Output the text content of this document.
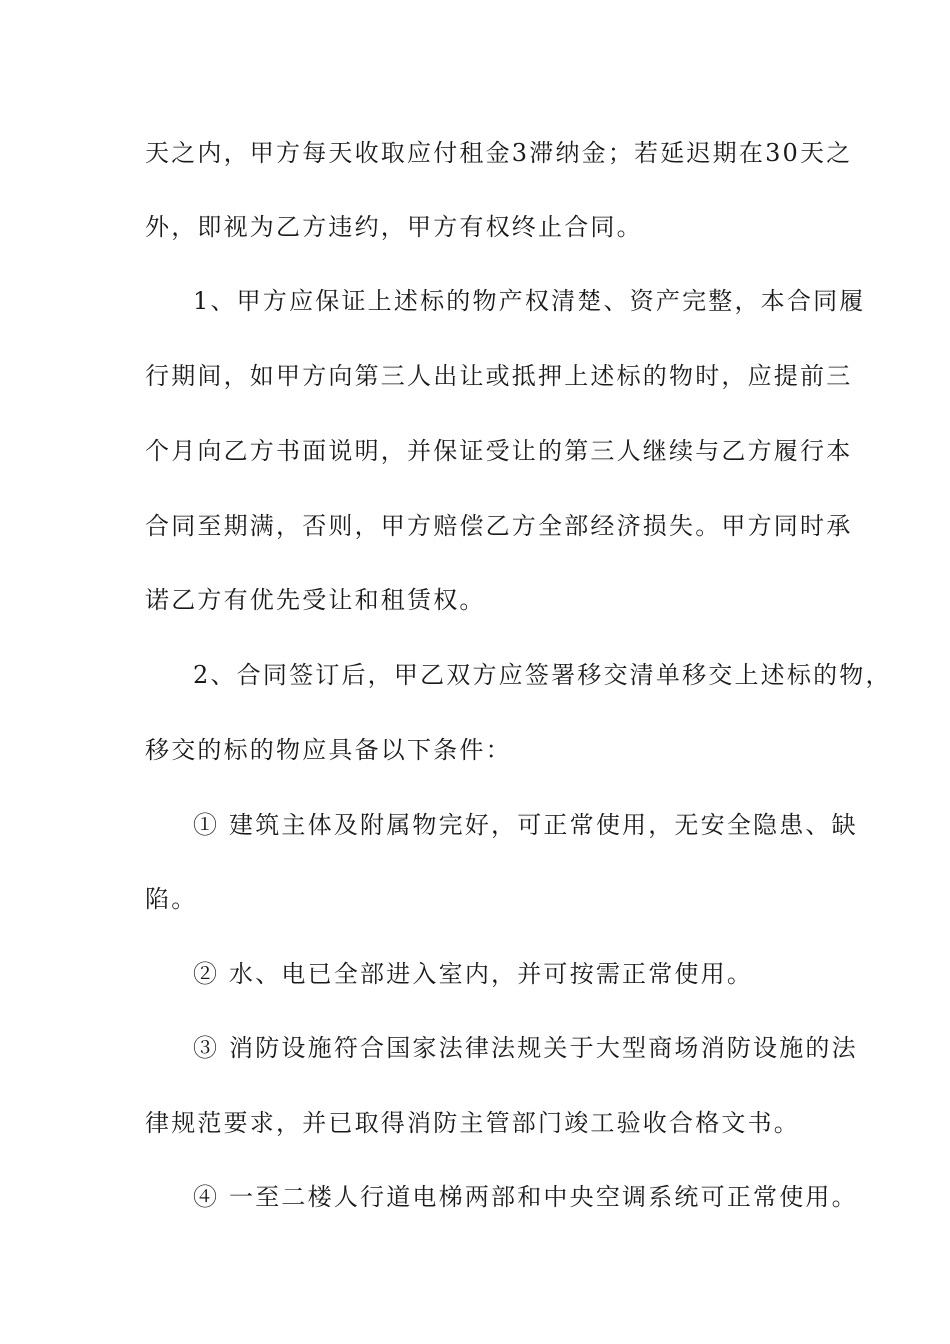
天之内，甲方每天收取应付租金3滞纳金；若延迟期在30天之
外，即视为乙方违约，甲方有权终止合同。
1、甲方应保证上述标的物产权清楚、资产完整，本合同履
行期间，如甲方向第三人出让或抵押上述标的物时，应提前三
个月向乙方书面说明，并保证受让的第三人继续与乙方履行本
合同至期满，否则，甲方赔偿乙方全部经济损失。甲方同时承
诺乙方有优先受让和租赁权。
2、合同签订后，甲乙双方应签署移交清单移交上述标的物，
移交的标的物应具备以下条件：
① 建筑主体及附属物完好，可正常使用，无安全隐患、缺
陷。
② 水、电已全部进入室内，并可按需正常使用。
③ 消防设施符合国家法律法规关于大型商场消防设施的法
律规范要求，并已取得消防主管部门竣工验收合格文书。
④ 一至二楼人行道电梯两部和中央空调系统可正常使用。
